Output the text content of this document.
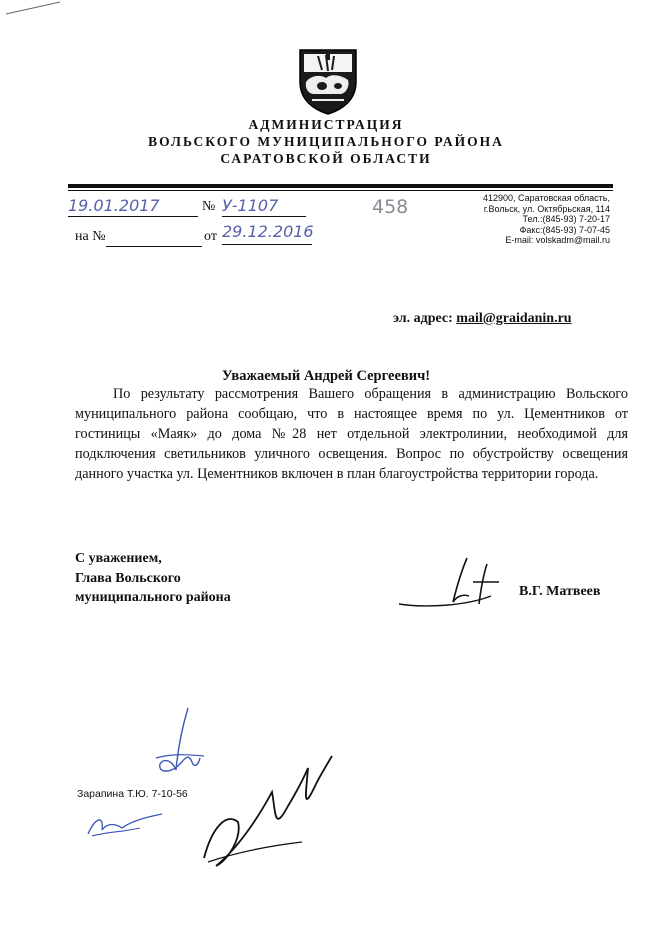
АДМИНИСТРАЦИЯ
ВОЛЬСКОГО МУНИЦИПАЛЬНОГО РАЙОНА
САРАТОВСКОЙ ОБЛАСТИ
412900, Саратовская область,
г.Вольск, ул. Октябрьская, 114
Тел.:(845-93) 7-20-17
Факс:(845-93) 7-07-45
E-mail: volskadm@mail.ru
19.01.2017	№ У-1107	458
на №	от 29.12.2016
эл. адрес: mail@graidanin.ru
Уважаемый Андрей Сергеевич!

По результату рассмотрения Вашего обращения в администрацию Вольского муниципального района сообщаю, что в настоящее время по ул. Цементников от гостиницы «Маяк» до дома №28 нет отдельной электролинии, необходимой для подключения светильников уличного освещения. Вопрос по обустройству освещения данного участка ул. Цементников включен в план благоустройства территории города.

С уважением,
Глава Вольского
муниципального района	В.Г. Матвеев
Зарапина Т.Ю. 7-10-56
